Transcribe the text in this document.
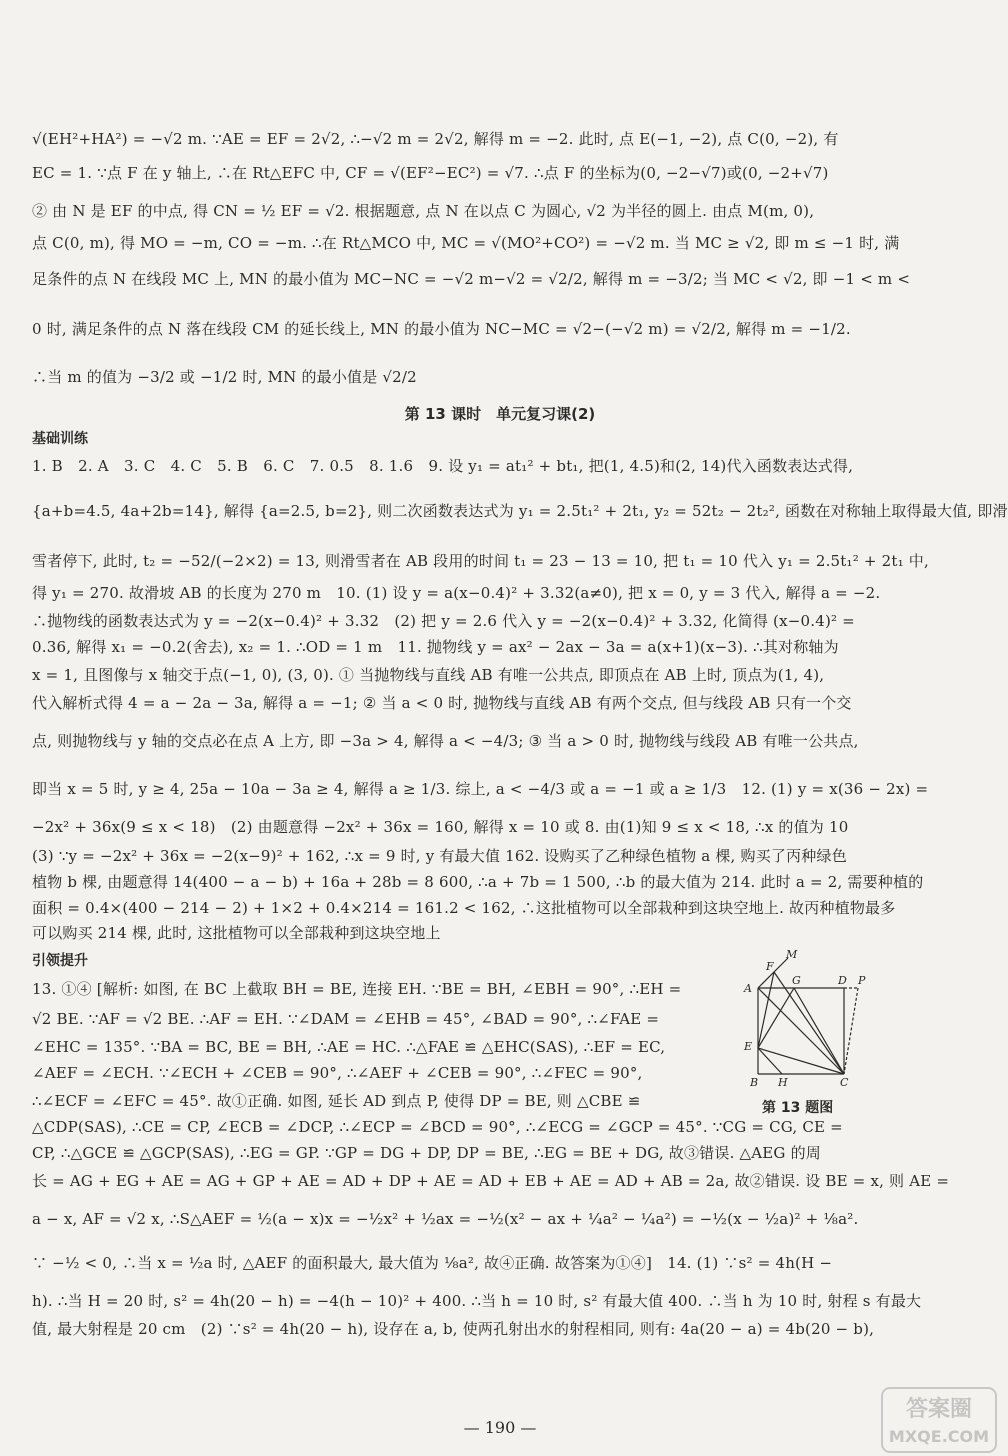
√(EH²+HA²) = −√2 m. ∵AE = EF = 2√2, ∴−√2 m = 2√2, 解得 m = −2. 此时, 点 E(−1, −2), 点 C(0, −2), 有
EC = 1. ∵点 F 在 y 轴上, ∴在 Rt△EFC 中, CF = √(EF²−EC²) = √7. ∴点 F 的坐标为(0, −2−√7)或(0, −2+√7)
② 由 N 是 EF 的中点, 得 CN = ½ EF = √2. 根据题意, 点 N 在以点 C 为圆心, √2 为半径的圆上. 由点 M(m, 0),
点 C(0, m), 得 MO = −m, CO = −m. ∴在 Rt△MCO 中, MC = √(MO²+CO²) = −√2 m. 当 MC ≥ √2, 即 m ≤ −1 时, 满
足条件的点 N 在线段 MC 上, MN 的最小值为 MC−NC = −√2 m−√2 = √2/2, 解得 m = −3/2; 当 MC < √2, 即 −1 < m <
0 时, 满足条件的点 N 落在线段 CM 的延长线上, MN 的最小值为 NC−MC = √2−(−√2 m) = √2/2, 解得 m = −1/2.
∴当 m 的值为 −3/2 或 −1/2 时, MN 的最小值是 √2/2
第 13 课时　单元复习课(2)
基础训练
1. B　2. A　3. C　4. C　5. B　6. C　7. 0.5　8. 1.6　9. 设 y₁ = at₁² + bt₁, 把(1, 4.5)和(2, 14)代入函数表达式得,
{a+b=4.5, 4a+2b=14}, 解得 {a=2.5, b=2}, 则二次函数表达式为 y₁ = 2.5t₁² + 2t₁, y₂ = 52t₂ − 2t₂², 函数在对称轴上取得最大值, 即滑
雪者停下, 此时, t₂ = −52/(−2×2) = 13, 则滑雪者在 AB 段用的时间 t₁ = 23 − 13 = 10, 把 t₁ = 10 代入 y₁ = 2.5t₁² + 2t₁ 中,
得 y₁ = 270. 故滑坡 AB 的长度为 270 m　10. (1) 设 y = a(x−0.4)² + 3.32(a≠0), 把 x = 0, y = 3 代入, 解得 a = −2.
∴抛物线的函数表达式为 y = −2(x−0.4)² + 3.32　(2) 把 y = 2.6 代入 y = −2(x−0.4)² + 3.32, 化简得 (x−0.4)² =
0.36, 解得 x₁ = −0.2(舍去), x₂ = 1. ∴OD = 1 m　11. 抛物线 y = ax² − 2ax − 3a = a(x+1)(x−3). ∴其对称轴为
x = 1, 且图像与 x 轴交于点(−1, 0), (3, 0). ① 当抛物线与直线 AB 有唯一公共点, 即顶点在 AB 上时, 顶点为(1, 4),
代入解析式得 4 = a − 2a − 3a, 解得 a = −1; ② 当 a < 0 时, 抛物线与直线 AB 有两个交点, 但与线段 AB 只有一个交
点, 则抛物线与 y 轴的交点必在点 A 上方, 即 −3a > 4, 解得 a < −4/3; ③ 当 a > 0 时, 抛物线与线段 AB 有唯一公共点,
即当 x = 5 时, y ≥ 4, 25a − 10a − 3a ≥ 4, 解得 a ≥ 1/3. 综上, a < −4/3 或 a = −1 或 a ≥ 1/3　12. (1) y = x(36 − 2x) =
−2x² + 36x(9 ≤ x < 18)　(2) 由题意得 −2x² + 36x = 160, 解得 x = 10 或 8. 由(1)知 9 ≤ x < 18, ∴x 的值为 10
(3) ∵y = −2x² + 36x = −2(x−9)² + 162, ∴x = 9 时, y 有最大值 162. 设购买了乙种绿色植物 a 棵, 购买了丙种绿色
植物 b 棵, 由题意得 14(400 − a − b) + 16a + 28b = 8 600, ∴a + 7b = 1 500, ∴b 的最大值为 214. 此时 a = 2, 需要种植的
面积 = 0.4×(400 − 214 − 2) + 1×2 + 0.4×214 = 161.2 < 162, ∴这批植物可以全部栽种到这块空地上. 故丙种植物最多
可以购买 214 棵, 此时, 这批植物可以全部栽种到这块空地上
引领提升
13. ①④ [解析: 如图, 在 BC 上截取 BH = BE, 连接 EH. ∵BE = BH, ∠EBH = 90°, ∴EH =
√2 BE. ∵AF = √2 BE. ∴AF = EH. ∵∠DAM = ∠EHB = 45°, ∠BAD = 90°, ∴∠FAE =
∠EHC = 135°. ∵BA = BC, BE = BH, ∴AE = HC. ∴△FAE ≌ △EHC(SAS), ∴EF = EC,
∠AEF = ∠ECH. ∵∠ECH + ∠CEB = 90°, ∴∠AEF + ∠CEB = 90°, ∴∠FEC = 90°,
∴∠ECF = ∠EFC = 45°. 故①正确. 如图, 延长 AD 到点 P, 使得 DP = BE, 则 △CBE ≌
△CDP(SAS), ∴CE = CP, ∠ECB = ∠DCP, ∴∠ECP = ∠BCD = 90°, ∴∠ECG = ∠GCP = 45°. ∵CG = CG, CE =
CP, ∴△GCE ≌ △GCP(SAS), ∴EG = GP. ∵GP = DG + DP, DP = BE, ∴EG = BE + DG, 故③错误. △AEG 的周
长 = AG + EG + AE = AG + GP + AE = AD + DP + AE = AD + EB + AE = AD + AB = 2a, 故②错误. 设 BE = x, 则 AE =
a − x, AF = √2 x, ∴S△AEF = ½(a − x)x = −½x² + ½ax = −½(x² − ax + ¼a² − ¼a²) = −½(x − ½a)² + ⅛a².
∵ −½ < 0, ∴当 x = ½a 时, △AEF 的面积最大, 最大值为 ⅛a², 故④正确. 故答案为①④]　14. (1) ∵s² = 4h(H −
h). ∴当 H = 20 时, s² = 4h(20 − h) = −4(h − 10)² + 400. ∴当 h = 10 时, s² 有最大值 400. ∴当 h 为 10 时, 射程 s 有最大
值, 最大射程是 20 cm　(2) ∵s² = 4h(20 − h), 设存在 a, b, 使两孔射出水的射程相同, 则有: 4a(20 − a) = 4b(20 − b),
M
F
A
G	D P
E
B H	C
第 13 题图
— 190 —
答案圈
MXQE.COM
